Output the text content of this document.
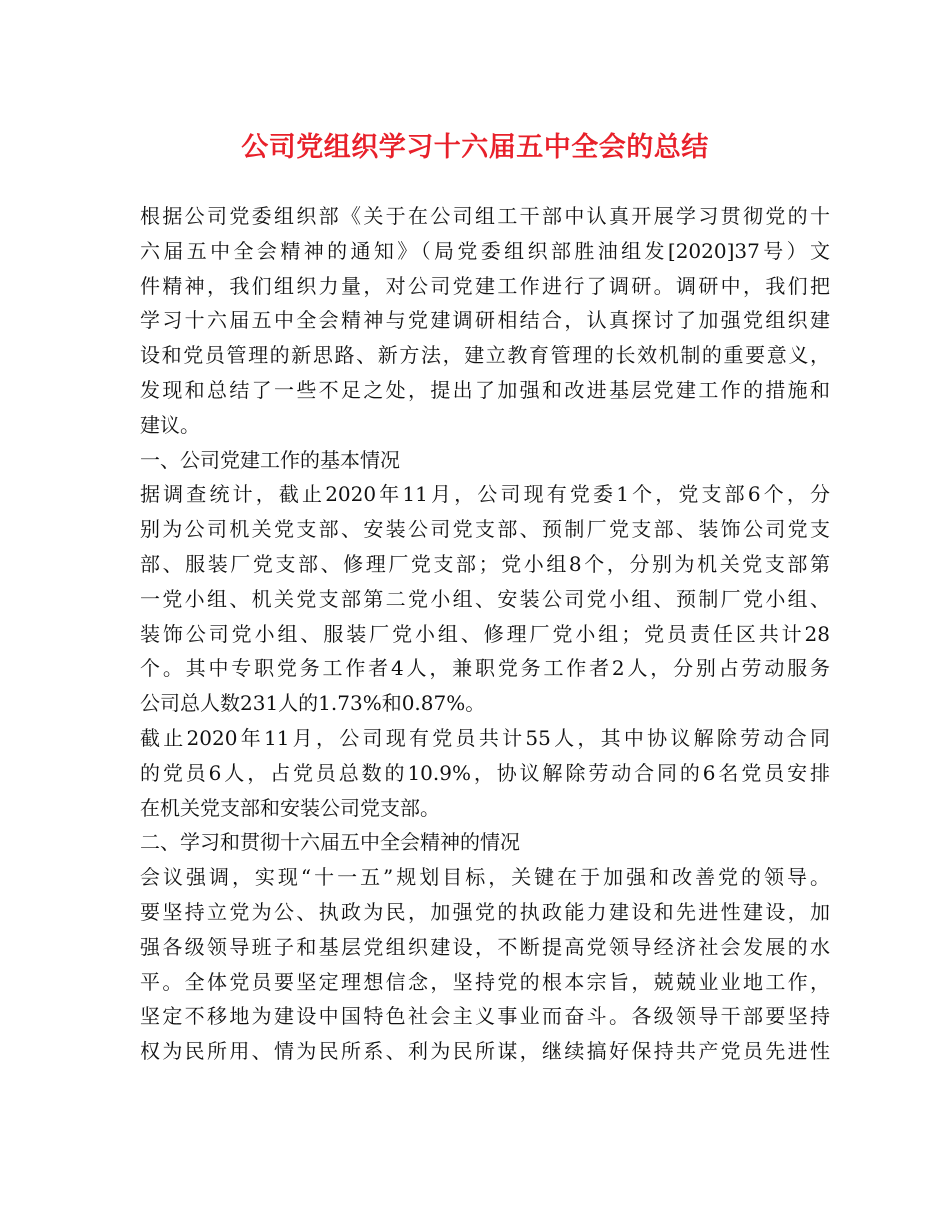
公司党组织学习十六届五中全会的总结
根据公司党委组织部《关于在公司组工干部中认真开展学习贯彻党的十
六届五中全会精神的通知》（局党委组织部胜油组发[2020]37号）文
件精神，我们组织力量，对公司党建工作进行了调研。调研中，我们把
学习十六届五中全会精神与党建调研相结合，认真探讨了加强党组织建
设和党员管理的新思路、新方法，建立教育管理的长效机制的重要意义，
发现和总结了一些不足之处，提出了加强和改进基层党建工作的措施和
建议。
一、公司党建工作的基本情况
据调查统计，截止2020年11月，公司现有党委1个，党支部6个，分
别为公司机关党支部、安装公司党支部、预制厂党支部、装饰公司党支
部、服装厂党支部、修理厂党支部；党小组8个，分别为机关党支部第
一党小组、机关党支部第二党小组、安装公司党小组、预制厂党小组、
装饰公司党小组、服装厂党小组、修理厂党小组；党员责任区共计28
个。其中专职党务工作者4人，兼职党务工作者2人，分别占劳动服务
公司总人数231人的1.73%和0.87%。
截止2020年11月，公司现有党员共计55人，其中协议解除劳动合同
的党员6人，占党员总数的10.9%，协议解除劳动合同的6名党员安排
在机关党支部和安装公司党支部。
二、学习和贯彻十六届五中全会精神的情况
会议强调，实现“十一五”规划目标，关键在于加强和改善党的领导。
要坚持立党为公、执政为民，加强党的执政能力建设和先进性建设，加
强各级领导班子和基层党组织建设，不断提高党领导经济社会发展的水
平。全体党员要坚定理想信念，坚持党的根本宗旨，兢兢业业地工作，
坚定不移地为建设中国特色社会主义事业而奋斗。各级领导干部要坚持
权为民所用、情为民所系、利为民所谋，继续搞好保持共产党员先进性
